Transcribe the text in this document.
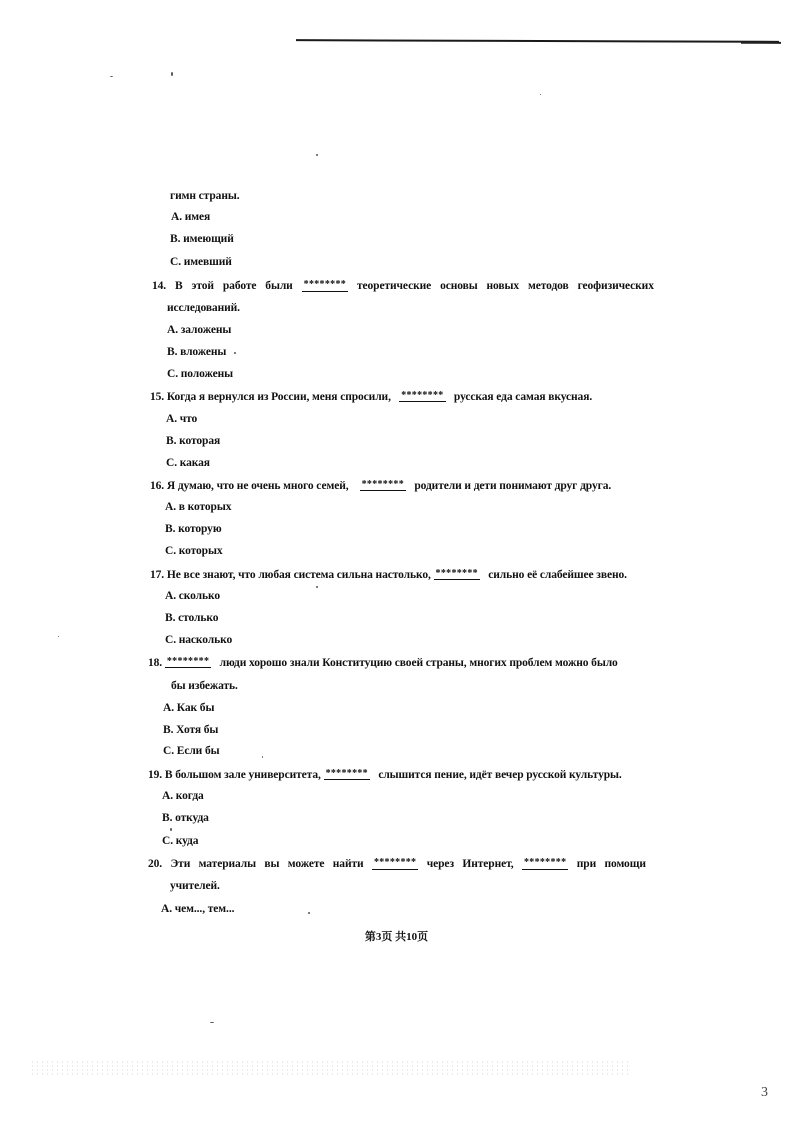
гимн страны.
А. имея
В. имеющий
С. имевший
14. В этой работе были ******** теоретические основы новых методов геофизических
исследований.
А. заложены
В. вложены
С. положены
15. Когда я вернулся из России, меня спросили, ******** русская еда самая вкусная.
А. что
В. которая
С. какая
16. Я думаю, что не очень много семей, ******** родители и дети понимают друг друга.
А. в которых
В. которую
С. которых
17. Не все знают, что любая система сильна настолько, ******** сильно её слабейшее звено.
А. сколько
В. столько
С. насколько
18. ******** люди хорошо знали Конституцию своей страны, многих проблем можно было
бы избежать.
А. Как бы
В. Хотя бы
С. Если бы
19. В большом зале университета, ******** слышится пение, идёт вечер русской культуры.
А. когда
В. откуда
С. куда
20. Эти материалы вы можете найти ******** через Интернет, ******** при помощи
учителей.
А. чем..., тем...
第3页 共10页
3
